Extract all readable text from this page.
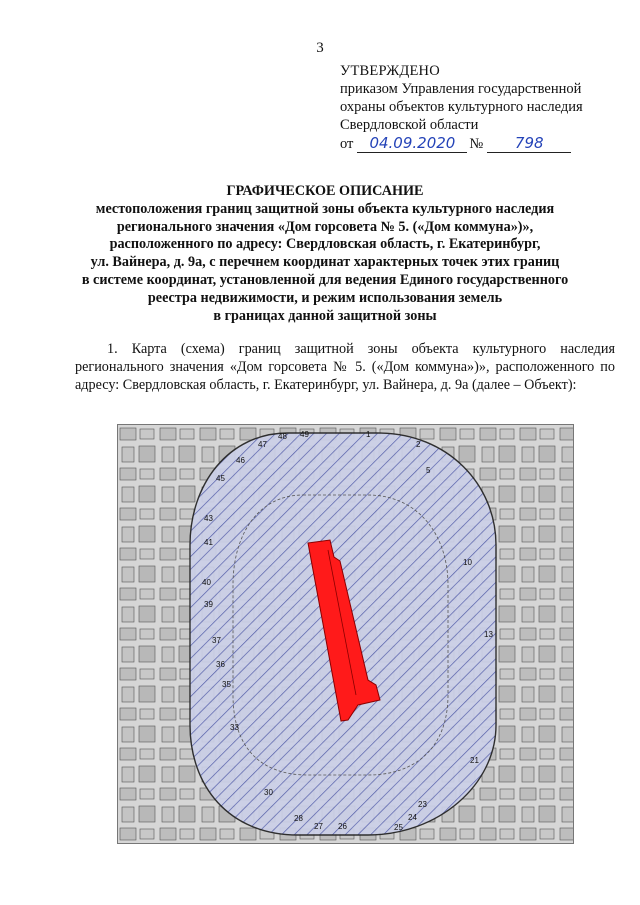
3
УТВЕРЖДЕНО
приказом Управления государственной
охраны объектов культурного наследия
Свердловской области
от	04.09.2020 №	798
ГРАФИЧЕСКОЕ ОПИСАНИЕ
местоположения границ защитной зоны объекта культурного наследия
регионального значения «Дом горсовета № 5. («Дом коммуна»)»,
расположенного по адресу: Свердловская область, г. Екатеринбург,
ул. Вайнера, д. 9а, с перечнем координат характерных точек этих границ
в системе координат, установленной для ведения Единого государственного
реестра недвижимости, и режим использования земель
в границах данной защитной зоны

1. Карта (схема) границ защитной зоны объекта культурного наследия регионального значения «Дом горсовета № 5. («Дом коммуна»)», расположенного по адресу: Свердловская область, г. Екатеринбург, ул. Вайнера, д. 9а (далее – Объект):

49	1
2
5
10
13
21
23
24
25
26
27
28
30
33
35
36
37
39
40
41
43
45
46
47
48
